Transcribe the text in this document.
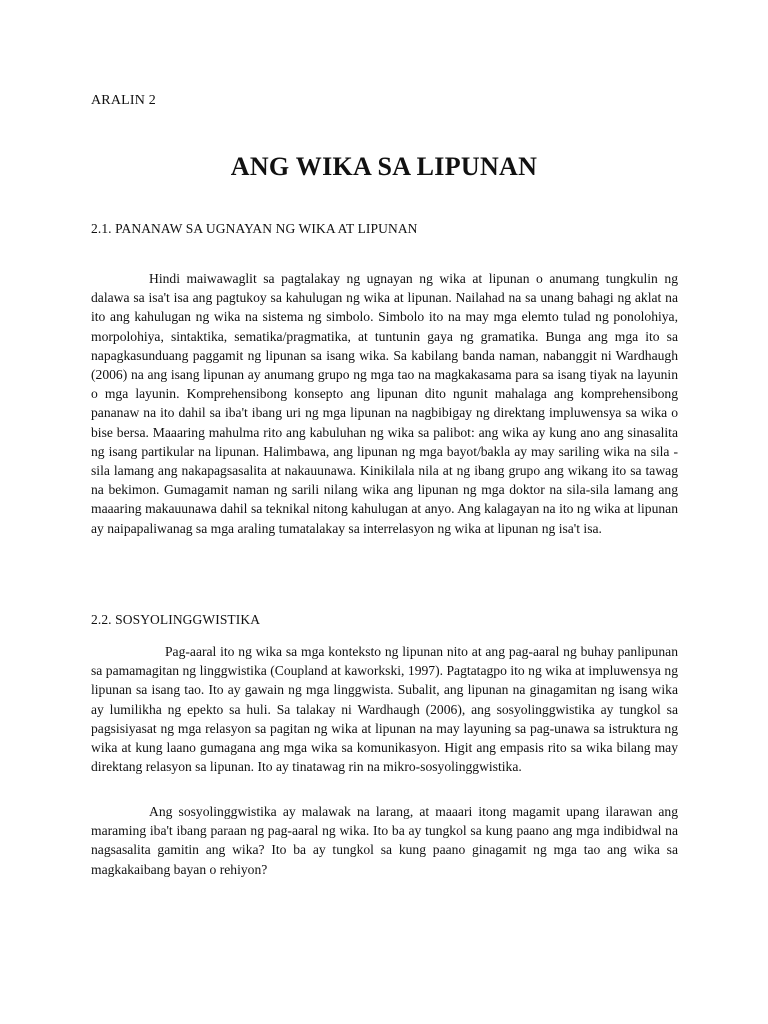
ARALIN 2
ANG WIKA SA LIPUNAN
2.1. PANANAW SA UGNAYAN NG WIKA AT LIPUNAN

Hindi maiwawaglit sa pagtalakay ng ugnayan ng wika at lipunan o anumang tungkulin ng dalawa sa isa't isa ang pagtukoy sa kahulugan ng wika at lipunan. Nailahad na sa unang bahagi ng aklat na ito ang kahulugan ng wika na sistema ng simbolo. Simbolo ito na may mga elemto tulad ng ponolohiya, morpolohiya, sintaktika, sematika/pragmatika, at tuntunin gaya ng gramatika. Bunga ang mga ito sa napagkasunduang paggamit ng lipunan sa isang wika. Sa kabilang banda naman, nabanggit ni Wardhaugh (2006) na ang isang lipunan ay anumang grupo ng mga tao na magkakasama para sa isang tiyak na layunin o mga layunin. Komprehensibong konsepto ang lipunan dito ngunit mahalaga ang komprehensibong pananaw na ito dahil sa iba't ibang uri ng mga lipunan na nagbibigay ng direktang impluwensya sa wika o bise bersa. Maaaring mahulma rito ang kabuluhan ng wika sa palibot: ang wika ay kung ano ang sinasalita ng isang partikular na lipunan. Halimbawa, ang lipunan ng mga bayot/bakla ay may sariling wika na sila -sila lamang ang nakapagsasalita at nakauunawa. Kinikilala nila at ng ibang grupo ang wikang ito sa tawag na bekimon. Gumagamit naman ng sarili nilang wika ang lipunan ng mga doktor na sila-sila lamang ang maaaring makauunawa dahil sa teknikal nitong kahulugan at anyo. Ang kalagayan na ito ng wika at lipunan ay naipapaliwanag sa mga araling tumatalakay sa interrelasyon ng wika at lipunan ng isa't isa.

2.2. SOSYOLINGGWISTIKA

Pag-aaral ito ng wika sa mga konteksto ng lipunan nito at ang pag-aaral ng buhay panlipunan sa pamamagitan ng linggwistika (Coupland at kaworkski, 1997). Pagtatagpo ito ng wika at impluwensya ng lipunan sa isang tao. Ito ay gawain ng mga linggwista. Subalit, ang lipunan na ginagamitan ng isang wika ay lumilikha ng epekto sa huli. Sa talakay ni Wardhaugh (2006), ang sosyolinggwistika ay tungkol sa pagsisiyasat ng mga relasyon sa pagitan ng wika at lipunan na may layuning sa pag-unawa sa istruktura ng wika at kung laano gumagana ang mga wika sa komunikasyon. Higit ang empasis rito sa wika bilang may direktang relasyon sa lipunan. Ito ay tinatawag rin na mikro-sosyolinggwistika.

Ang sosyolinggwistika ay malawak na larang, at maaari itong magamit upang ilarawan ang maraming iba't ibang paraan ng pag-aaral ng wika. Ito ba ay tungkol sa kung paano ang mga indibidwal na nagsasalita gamitin ang wika? Ito ba ay tungkol sa kung paano ginagamit ng mga tao ang wika sa magkakaibang bayan o rehiyon?
